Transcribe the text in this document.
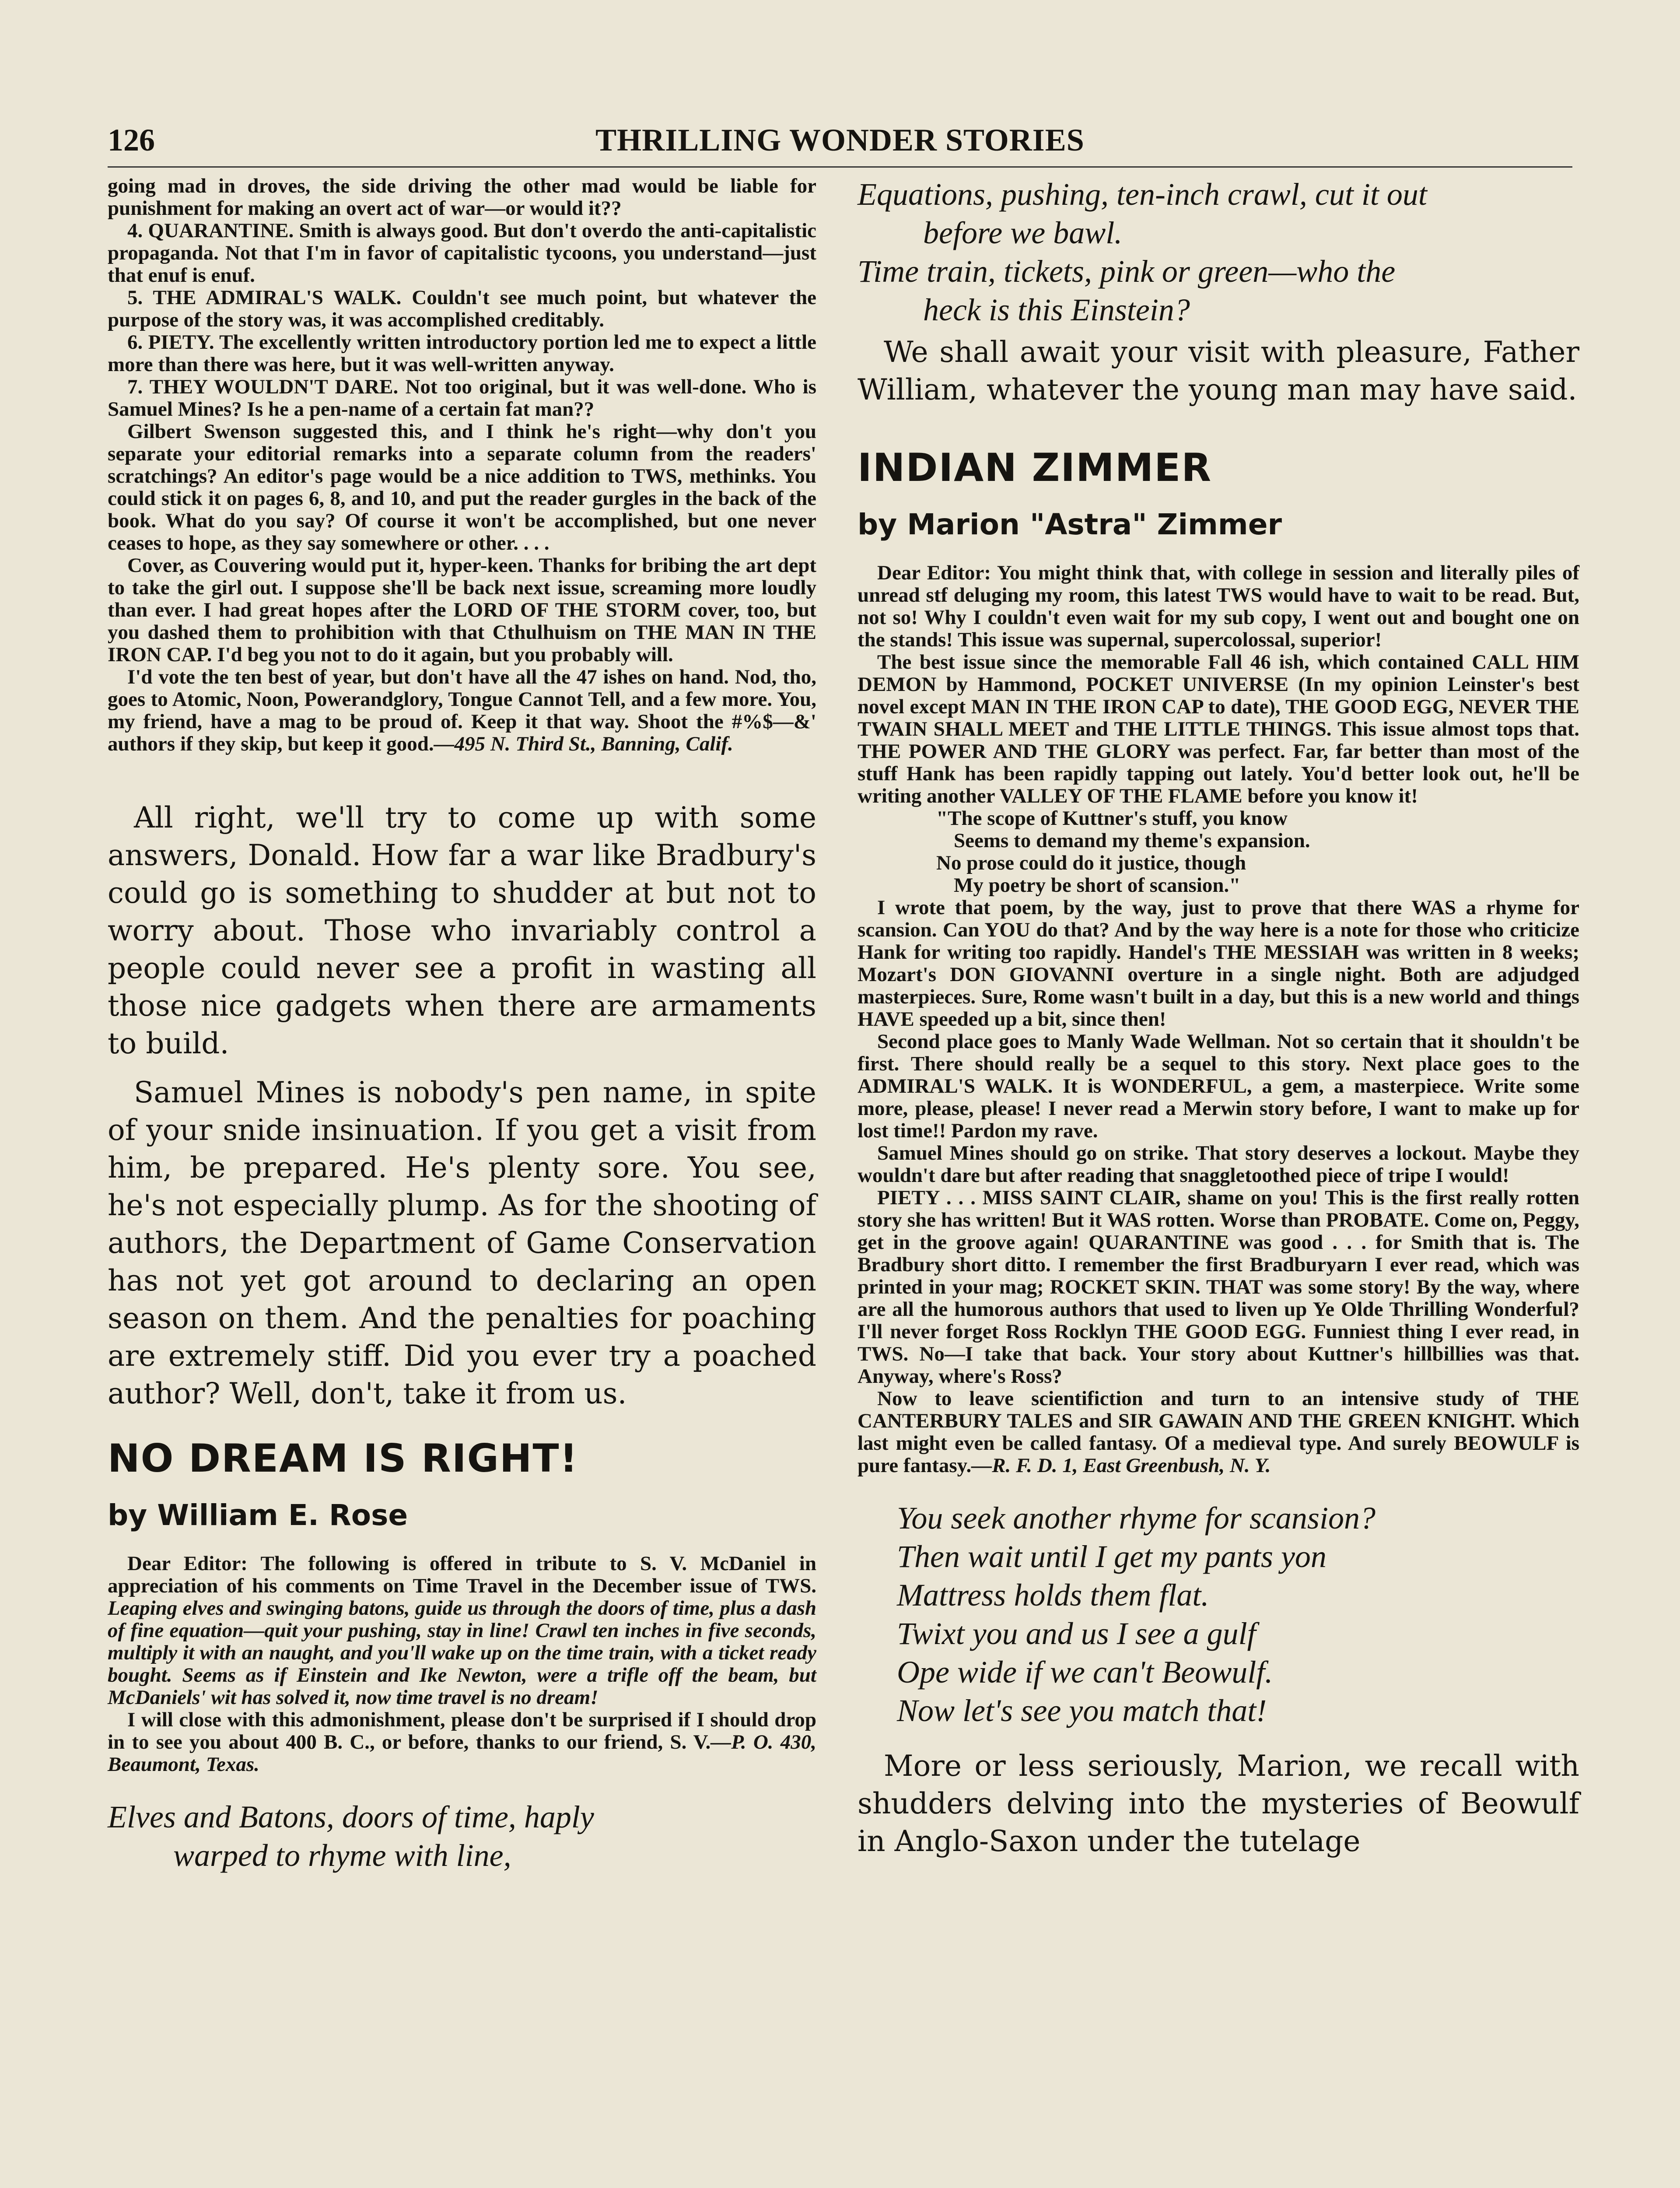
126	THRILLING WONDER STORIES

going mad in droves, the side driving the other mad would be liable for punishment for making an overt act of war—or would it??

4. QUARANTINE. Smith is always good. But don't overdo the anti-capitalistic propaganda. Not that I'm in favor of capitalistic tycoons, you understand—just that enuf is enuf.

5. THE ADMIRAL'S WALK. Couldn't see much point, but whatever the purpose of the story was, it was accomplished creditably.

6. PIETY. The excellently written introductory portion led me to expect a little more than there was here, but it was well-written anyway.

7. THEY WOULDN'T DARE. Not too original, but it was well-done. Who is Samuel Mines? Is he a pen-name of a certain fat man??

Gilbert Swenson suggested this, and I think he's right—why don't you separate your editorial remarks into a separate column from the readers' scratchings? An editor's page would be a nice addition to TWS, methinks. You could stick it on pages 6, 8, and 10, and put the reader gurgles in the back of the book. What do you say? Of course it won't be accomplished, but one never ceases to hope, as they say somewhere or other. . . .

Cover, as Couvering would put it, hyper-keen. Thanks for bribing the art dept to take the girl out. I suppose she'll be back next issue, screaming more loudly than ever. I had great hopes after the LORD OF THE STORM cover, too, but you dashed them to prohibition with that Cthulhuism on THE MAN IN THE IRON CAP. I'd beg you not to do it again, but you probably will.

I'd vote the ten best of year, but don't have all the 47 ishes on hand. Nod, tho, goes to Atomic, Noon, Powerandglory, Tongue Cannot Tell, and a few more. You, my friend, have a mag to be proud of. Keep it that way. Shoot the #%$—&' authors if they skip, but keep it good.—495 N. Third St., Banning, Calif.

All right, we'll try to come up with some answers, Donald. How far a war like Bradbury's could go is something to shudder at but not to worry about. Those who invariably control a people could never see a profit in wasting all those nice gadgets when there are armaments to build.

Samuel Mines is nobody's pen name, in spite of your snide insinuation. If you get a visit from him, be prepared. He's plenty sore. You see, he's not especially plump. As for the shooting of authors, the Department of Game Conservation has not yet got around to declaring an open season on them. And the penalties for poaching are extremely stiff. Did you ever try a poached author? Well, don't, take it from us.

NO DREAM IS RIGHT!
by William E. Rose

Dear Editor: The following is offered in tribute to S. V. McDaniel in appreciation of his comments on Time Travel in the December issue of TWS. Leaping elves and swinging batons, guide us through the doors of time, plus a dash of fine equation—quit your pushing, stay in line! Crawl ten inches in five seconds, multiply it with an naught, and you'll wake up on the time train, with a ticket ready bought. Seems as if Einstein and Ike Newton, were a trifle off the beam, but McDaniels' wit has solved it, now time travel is no dream!

I will close with this admonishment, please don't be surprised if I should drop in to see you about 400 B. C., or before, thanks to our friend, S. V.—P. O. 430, Beaumont, Texas.

Elves and Batons, doors of time, haply
warped to rhyme with line,
Equations, pushing, ten-inch crawl, cut it out
before we bawl.
Time train, tickets, pink or green—who the
heck is this Einstein?

We shall await your visit with pleasure, Father William, whatever the young man may have said.

INDIAN ZIMMER
by Marion "Astra" Zimmer

Dear Editor: You might think that, with college in session and literally piles of unread stf deluging my room, this latest TWS would have to wait to be read. But, not so! Why I couldn't even wait for my sub copy, I went out and bought one on the stands! This issue was supernal, supercolossal, superior!

The best issue since the memorable Fall 46 ish, which contained CALL HIM DEMON by Hammond, POCKET UNIVERSE (In my opinion Leinster's best novel except MAN IN THE IRON CAP to date), THE GOOD EGG, NEVER THE TWAIN SHALL MEET and THE LITTLE THINGS. This issue almost tops that. THE POWER AND THE GLORY was perfect. Far, far better than most of the stuff Hank has been rapidly tapping out lately. You'd better look out, he'll be writing another VALLEY OF THE FLAME before you know it!

"The scope of Kuttner's stuff, you know
Seems to demand my theme's expansion.
No prose could do it justice, though
My poetry be short of scansion."

I wrote that poem, by the way, just to prove that there WAS a rhyme for scansion. Can YOU do that? And by the way here is a note for those who criticize Hank for writing too rapidly. Handel's THE MESSIAH was written in 8 weeks; Mozart's DON GIOVANNI overture in a single night. Both are adjudged masterpieces. Sure, Rome wasn't built in a day, but this is a new world and things HAVE speeded up a bit, since then!

Second place goes to Manly Wade Wellman. Not so certain that it shouldn't be first. There should really be a sequel to this story. Next place goes to the ADMIRAL'S WALK. It is WONDERFUL, a gem, a masterpiece. Write some more, please, please! I never read a Merwin story before, I want to make up for lost time!! Pardon my rave.

Samuel Mines should go on strike. That story deserves a lockout. Maybe they wouldn't dare but after reading that snaggletoothed piece of tripe I would!

PIETY . . . MISS SAINT CLAIR, shame on you! This is the first really rotten story she has written! But it WAS rotten. Worse than PROBATE. Come on, Peggy, get in the groove again! QUARANTINE was good . . . for Smith that is. The Bradbury short ditto. I remember the first Bradburyarn I ever read, which was printed in your mag; ROCKET SKIN. THAT was some story! By the way, where are all the humorous authors that used to liven up Ye Olde Thrilling Wonderful? I'll never forget Ross Rocklyn THE GOOD EGG. Funniest thing I ever read, in TWS. No—I take that back. Your story about Kuttner's hillbillies was that. Anyway, where's Ross?

Now to leave scientifiction and turn to an intensive study of THE CANTERBURY TALES and SIR GAWAIN AND THE GREEN KNIGHT. Which last might even be called fantasy. Of a medieval type. And surely BEOWULF is pure fantasy.—R. F. D. 1, East Greenbush, N. Y.

You seek another rhyme for scansion?
Then wait until I get my pants yon
Mattress holds them flat.
Twixt you and us I see a gulf
Ope wide if we can't Beowulf.
Now let's see you match that!

More or less seriously, Marion, we recall with shudders delving into the mysteries of Beowulf in Anglo-Saxon under the tutelage
